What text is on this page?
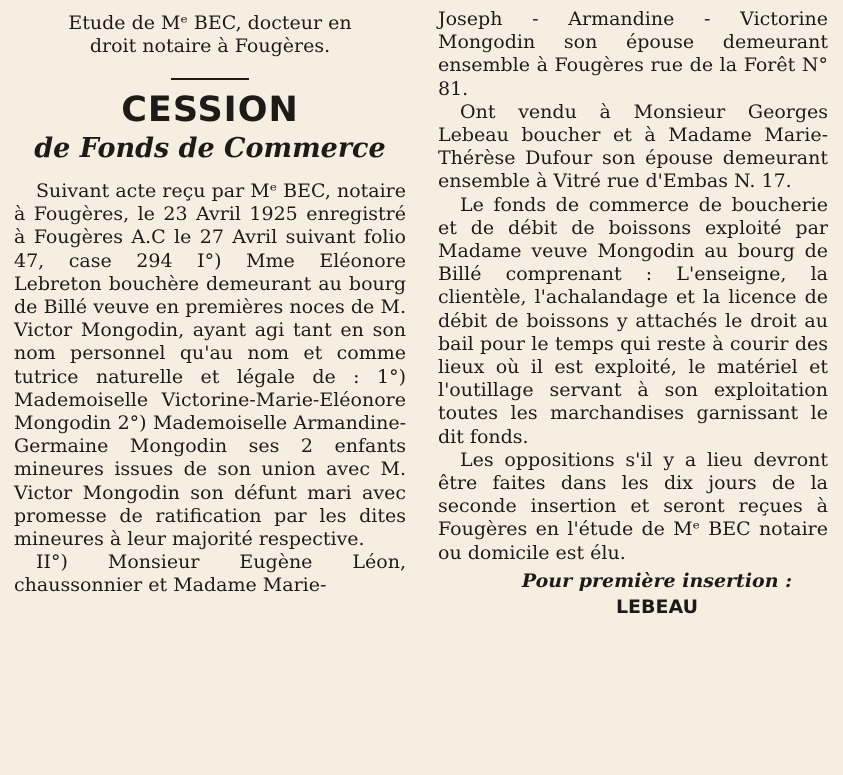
Etude de Mᵉ BEC, docteur en

droit notaire à Fougères.

CESSION
de Fonds de Commerce

Suivant acte reçu par Mᵉ BEC, notaire à Fougères, le 23 Avril 1925 enregistré à Fougères A.C le 27 Avril suivant folio 47, case 294 I°) Mme Eléonore Lebreton bouchère demeurant au bourg de Billé veuve en premières noces de M. Victor Mongodin, ayant agi tant en son nom personnel qu'au nom et comme tutrice naturelle et légale de : 1°) Mademoiselle Victorine-Marie-Eléonore Mongodin 2°) Mademoiselle Armandine-Germaine Mongodin ses 2 enfants mineures issues de son union avec M. Victor Mongodin son défunt mari avec promesse de ratification par les dites mineures à leur majorité respective.

II°) Monsieur Eugène Léon, chaussonnier et Madame Marie-

Joseph - Armandine - Victorine Mongodin son épouse demeurant ensemble à Fougères rue de la Forêt N° 81.

Ont vendu à Monsieur Georges Lebeau boucher et à Madame Marie-Thérèse Dufour son épouse demeurant ensemble à Vitré rue d'Embas N. 17.

Le fonds de commerce de boucherie et de débit de boissons exploité par Madame veuve Mongodin au bourg de Billé comprenant : L'enseigne, la clientèle, l'achalandage et la licence de débit de boissons y attachés le droit au bail pour le temps qui reste à courir des lieux où il est exploité, le matériel et l'outillage servant à son exploitation toutes les marchandises garnissant le dit fonds.

Les oppositions s'il y a lieu devront être faites dans les dix jours de la seconde insertion et seront reçues à Fougères en l'étude de Mᵉ BEC notaire ou domicile est élu.

Pour première insertion :

LEBEAU
